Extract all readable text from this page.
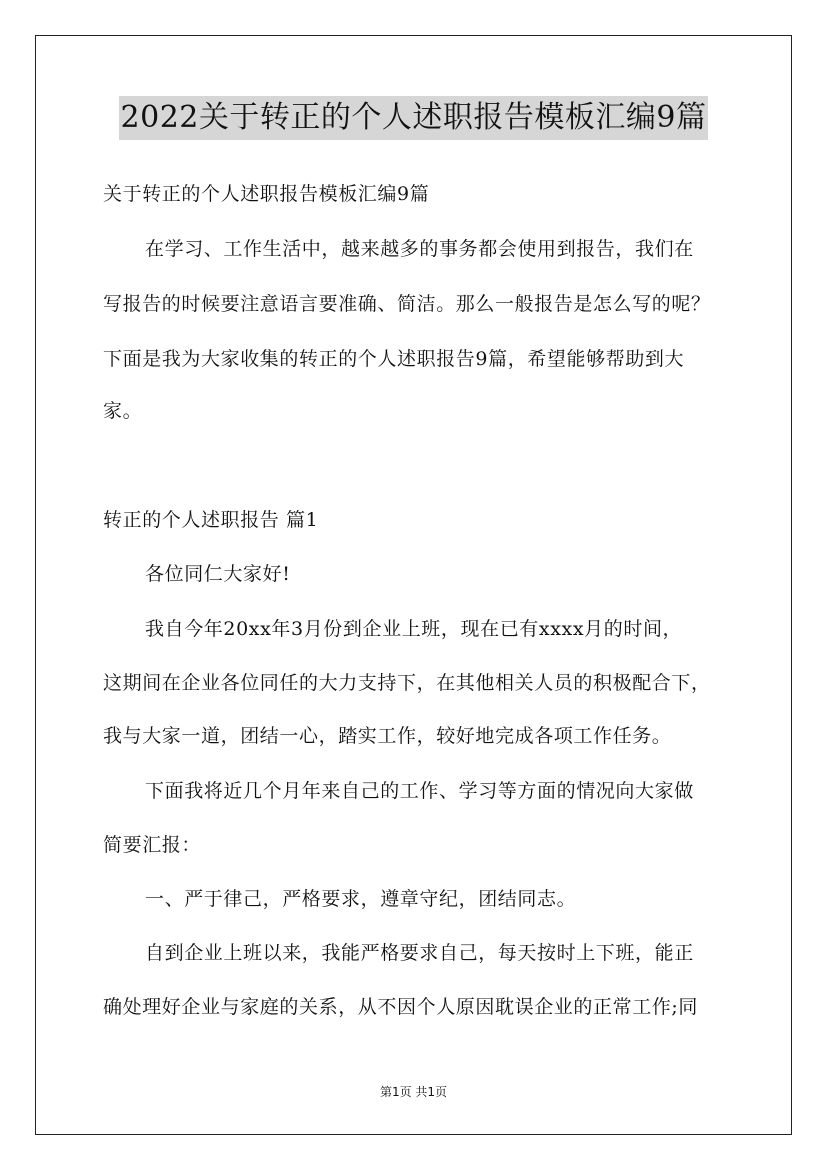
2022关于转正的个人述职报告模板汇编9篇
关于转正的个人述职报告模板汇编9篇
在学习、工作生活中，越来越多的事务都会使用到报告，我们在
写报告的时候要注意语言要准确、简洁。那么一般报告是怎么写的呢？
下面是我为大家收集的转正的个人述职报告9篇，希望能够帮助到大
家。
转正的个人述职报告 篇1
各位同仁大家好!
我自今年20xx年3月份到企业上班，现在已有xxxx月的时间，
这期间在企业各位同任的大力支持下，在其他相关人员的积极配合下，
我与大家一道，团结一心，踏实工作，较好地完成各项工作任务。
下面我将近几个月年来自己的工作、学习等方面的情况向大家做
简要汇报：
一、严于律己，严格要求，遵章守纪，团结同志。
自到企业上班以来，我能严格要求自己，每天按时上下班，能正
确处理好企业与家庭的关系，从不因个人原因耽误企业的正常工作;同
第1页 共1页
